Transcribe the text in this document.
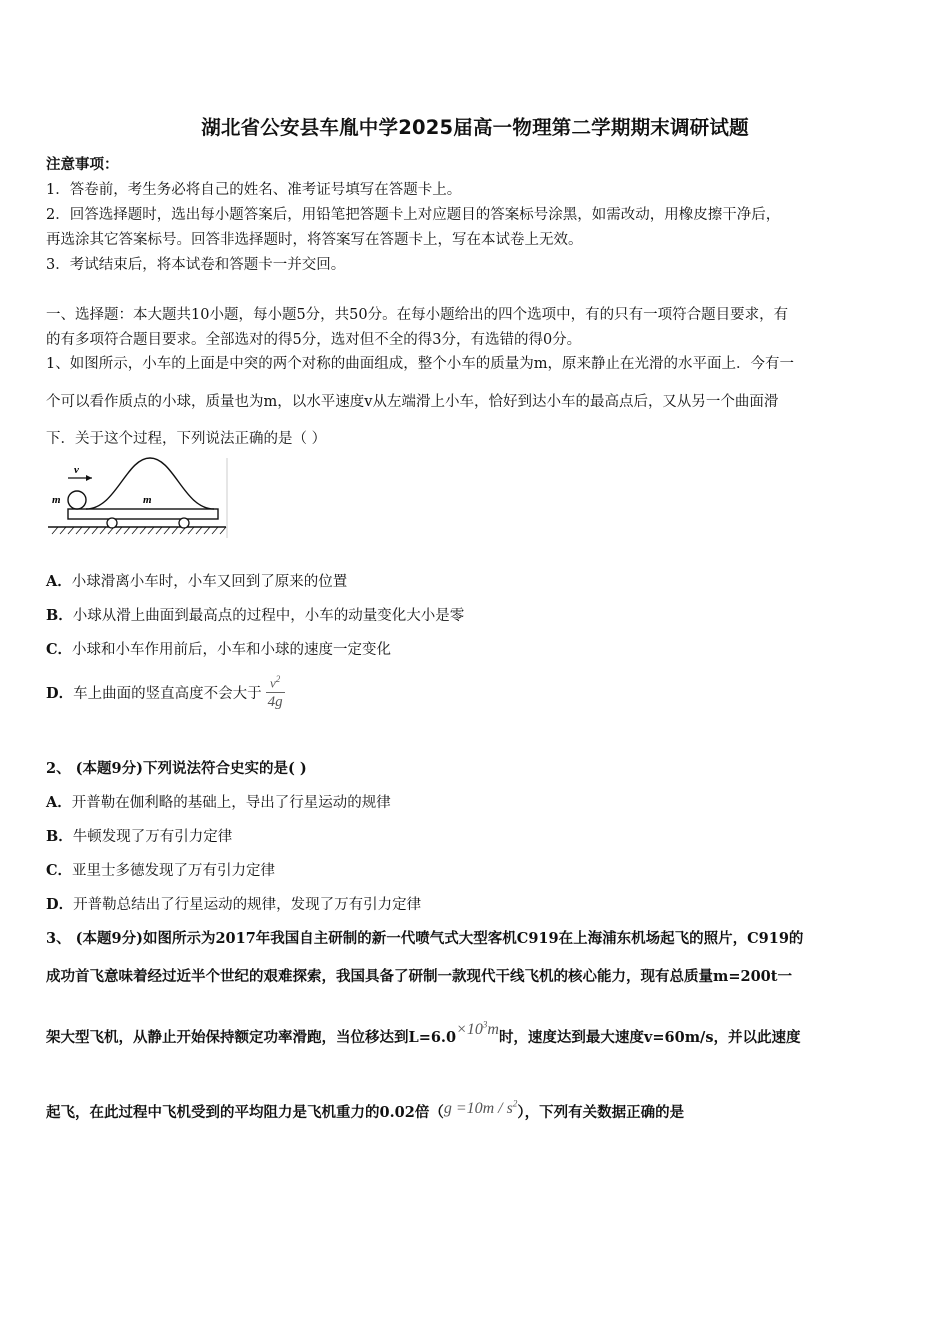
湖北省公安县车胤中学2025届高一物理第二学期期末调研试题
注意事项：
1．答卷前，考生务必将自己的姓名、准考证号填写在答题卡上。
2．回答选择题时，选出每小题答案后，用铅笔把答题卡上对应题目的答案标号涂黑，如需改动，用橡皮擦干净后，
再选涂其它答案标号。回答非选择题时，将答案写在答题卡上，写在本试卷上无效。
3．考试结束后，将本试卷和答题卡一并交回。
一、选择题：本大题共10小题，每小题5分，共50分。在每小题给出的四个选项中，有的只有一项符合题目要求，有
的有多项符合题目要求。全部选对的得5分，选对但不全的得3分，有选错的得0分。
1、如图所示，小车的上面是中突的两个对称的曲面组成，整个小车的质量为m，原来静止在光滑的水平面上．今有一
个可以看作质点的小球，质量也为m，以水平速度v从左端滑上小车，恰好到达小车的最高点后，又从另一个曲面滑
下．关于这个过程，下列说法正确的是（ ）
v
m	m
A．小球滑离小车时，小车又回到了原来的位置
B．小球从滑上曲面到最高点的过程中，小车的动量变化大小是零
C．小球和小车作用前后，小车和小球的速度一定变化
D．车上曲面的竖直高度不会大于 $\frac{v^2}{4g}$
2、 (本题9分)下列说法符合史实的是( )
A．开普勒在伽利略的基础上，导出了行星运动的规律
B．牛顿发现了万有引力定律
C．亚里士多德发现了万有引力定律
D．开普勒总结出了行星运动的规律，发现了万有引力定律
3、 (本题9分)如图所示为2017年我国自主研制的新一代喷气式大型客机C919在上海浦东机场起飞的照片，C919的
成功首飞意味着经过近半个世纪的艰难探索，我国具备了研制一款现代干线飞机的核心能力，现有总质量m=200t一
架大型飞机，从静止开始保持额定功率滑跑，当位移达到$L=6.0\times 10^3m$时，速度达到最大速度v=60m/s，并以此速度
起飞，在此过程中飞机受到的平均阻力是飞机重力的0.02倍$(g =10m / s^2)$，下列有关数据正确的是
